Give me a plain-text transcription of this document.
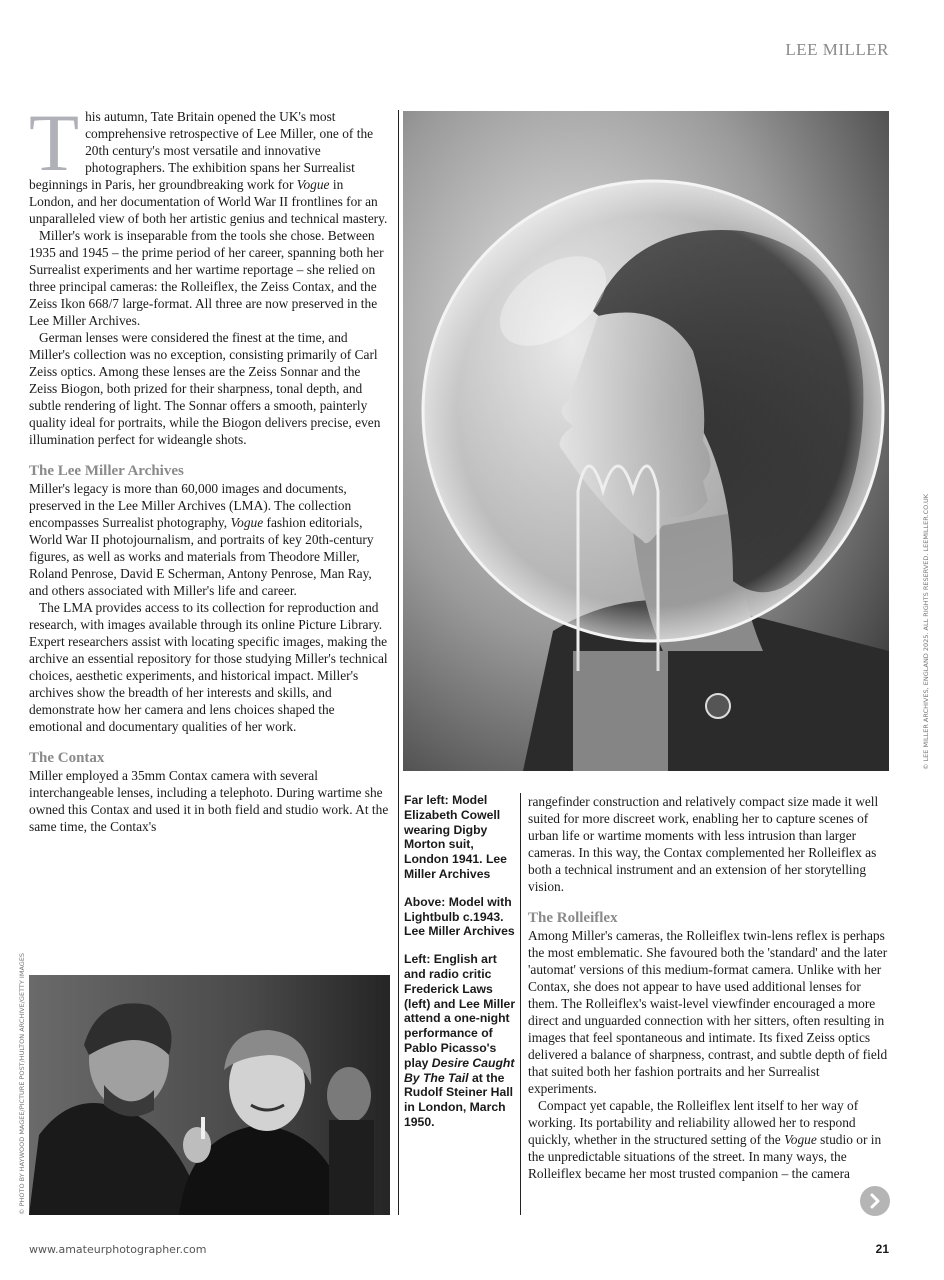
LEE MILLER

This autumn, Tate Britain opened the UK's most comprehensive retrospective of Lee Miller, one of the 20th century's most versatile and innovative photographers. The exhibition spans her Surrealist beginnings in Paris, her groundbreaking work for Vogue in London, and her documentation of World War II frontlines for an unparalleled view of both her artistic genius and technical mastery.

Miller's work is inseparable from the tools she chose. Between 1935 and 1945 – the prime period of her career, spanning both her Surrealist experiments and her wartime reportage – she relied on three principal cameras: the Rolleiflex, the Zeiss Contax, and the Zeiss Ikon 668/7 large-format. All three are now preserved in the Lee Miller Archives.

German lenses were considered the finest at the time, and Miller's collection was no exception, consisting primarily of Carl Zeiss optics. Among these lenses are the Zeiss Sonnar and the Zeiss Biogon, both prized for their sharpness, tonal depth, and subtle rendering of light. The Sonnar offers a smooth, painterly quality ideal for portraits, while the Biogon delivers precise, even illumination perfect for wideangle shots.

The Lee Miller Archives

Miller's legacy is more than 60,000 images and documents, preserved in the Lee Miller Archives (LMA). The collection encompasses Surrealist photography, Vogue fashion editorials, World War II photojournalism, and portraits of key 20th-century figures, as well as works and materials from Theodore Miller, Roland Penrose, David E Scherman, Antony Penrose, Man Ray, and others associated with Miller's life and career.

The LMA provides access to its collection for reproduction and research, with images available through its online Picture Library. Expert researchers assist with locating specific images, making the archive an essential repository for those studying Miller's technical choices, aesthetic experiments, and historical impact. Miller's archives show the breadth of her interests and skills, and demonstrate how her camera and lens choices shaped the emotional and documentary qualities of her work.

The Contax

Miller employed a 35mm Contax camera with several interchangeable lenses, including a telephoto. During wartime she owned this Contax and used it in both field and studio work. At the same time, the Contax's

© LEE MILLER ARCHIVES, ENGLAND 2025. ALL RIGHTS RESERVED. LEEMILLER.CO.UK
© PHOTO BY HAYWOOD MAGEE/PICTURE POST/HULTON ARCHIVE/GETTY IMAGES

Far left: Model Elizabeth Cowell wearing Digby Morton suit, London 1941. Lee Miller Archives

Above: Model with Lightbulb c.1943. Lee Miller Archives

Left: English art and radio critic Frederick Laws (left) and Lee Miller attend a one-night performance of Pablo Picasso's play Desire Caught By The Tail at the Rudolf Steiner Hall in London, March 1950.

rangefinder construction and relatively compact size made it well suited for more discreet work, enabling her to capture scenes of urban life or wartime moments with less intrusion than larger cameras. In this way, the Contax complemented her Rolleiflex as both a technical instrument and an extension of her storytelling vision.

The Rolleiflex

Among Miller's cameras, the Rolleiflex twin-lens reflex is perhaps the most emblematic. She favoured both the 'standard' and the later 'automat' versions of this medium-format camera. Unlike with her Contax, she does not appear to have used additional lenses for them. The Rolleiflex's waist-level viewfinder encouraged a more direct and unguarded connection with her sitters, often resulting in images that feel spontaneous and intimate. Its fixed Zeiss optics delivered a balance of sharpness, contrast, and subtle depth of field that suited both her fashion portraits and her Surrealist experiments.

Compact yet capable, the Rolleiflex lent itself to her way of working. Its portability and reliability allowed her to respond quickly, whether in the structured setting of the Vogue studio or in the unpredictable situations of the street. In many ways, the Rolleiflex became her most trusted companion – the camera

www.amateurphotographer.com	21
